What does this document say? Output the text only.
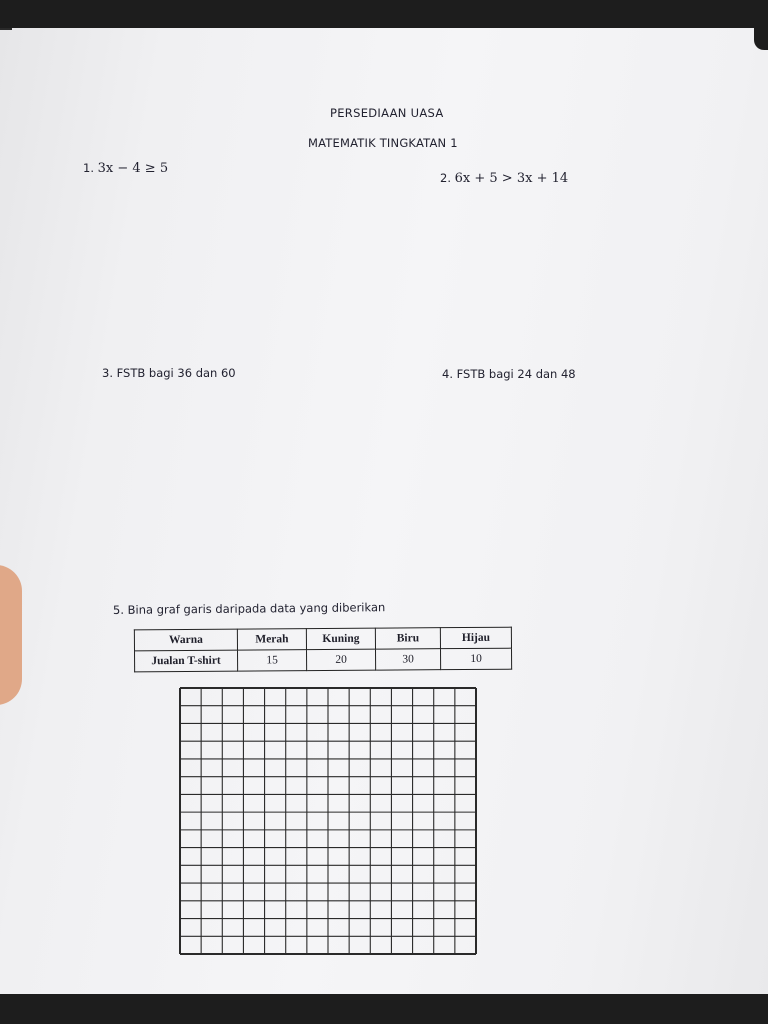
PERSEDIAAN UASA
MATEMATIK TINGKATAN 1
1. 3x − 4 ≥ 5
2. 6x + 5 > 3x + 14
3. FSTB bagi 36 dan 60	4. FSTB bagi 24 dan 48
5. Bina graf garis daripada data yang diberikan
Warna	Merah	Kuning	Biru	Hijau
Jualan T-shirt	15	20	30	10
